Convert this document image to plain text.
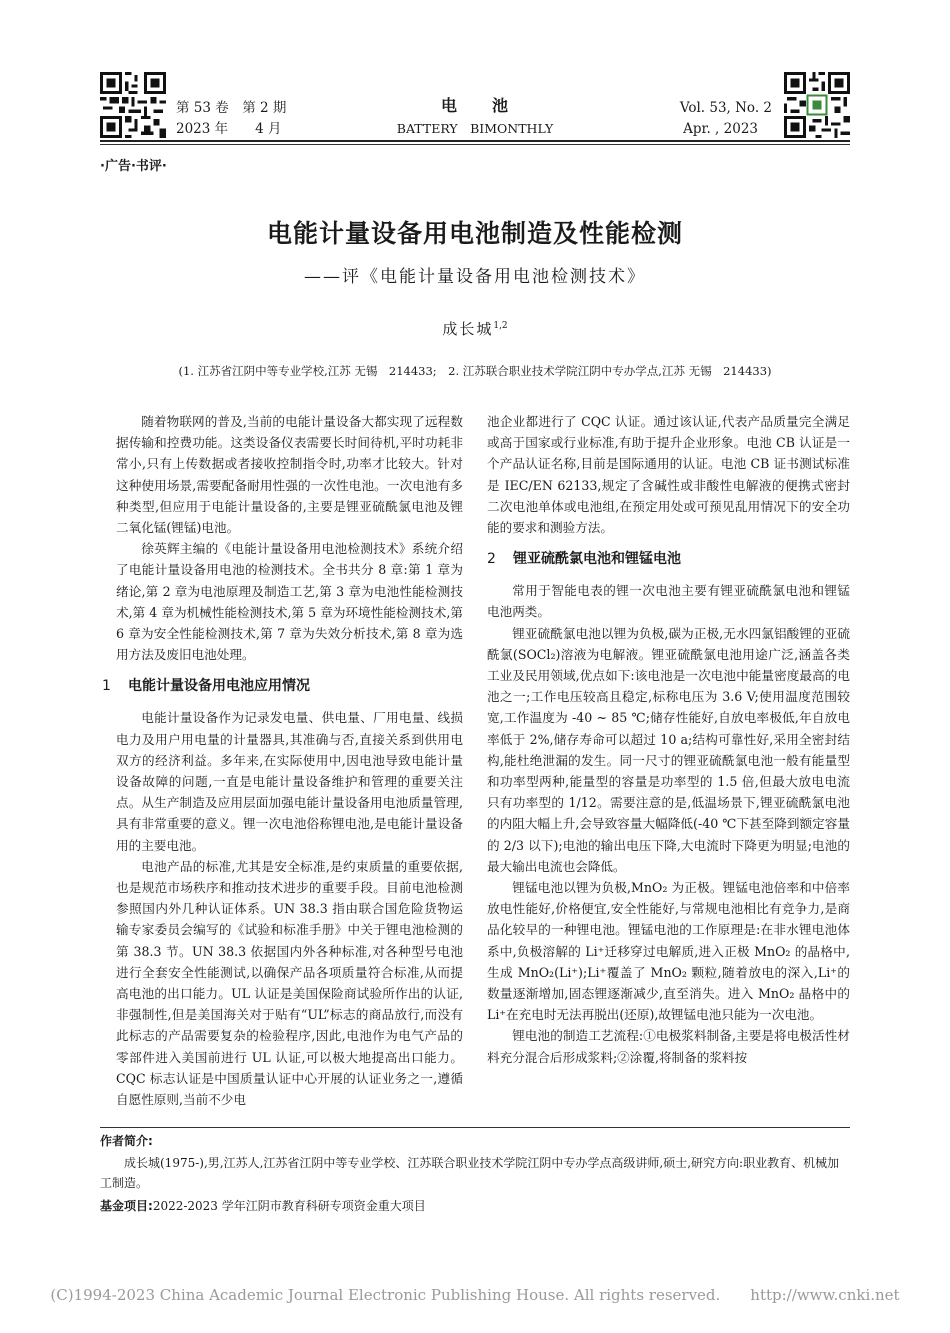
第 53 卷　第 2 期
2023 年　　4 月
电　　池
BATTERY　BIMONTHLY
Vol. 53, No. 2
Apr. , 2023
·广告·书评·
电能计量设备用电池制造及性能检测
——评《电能计量设备用电池检测技术》
成长城$^{1,2}$
(1. 江苏省江阴中等专业学校,江苏 无锡　214433;　2. 江苏联合职业技术学院江阴中专办学点,江苏 无锡　214433)

随着物联网的普及,当前的电能计量设备大都实现了远程数据传输和控费功能。这类设备仪表需要长时间待机,平时功耗非常小,只有上传数据或者接收控制指令时,功率才比较大。针对这种使用场景,需要配备耐用性强的一次性电池。一次电池有多种类型,但应用于电能计量设备的,主要是锂亚硫酰氯电池及锂二氧化锰(锂锰)电池。

徐英辉主编的《电能计量设备用电池检测技术》系统介绍了电能计量设备用电池的检测技术。全书共分 8 章:第 1 章为绪论,第 2 章为电池原理及制造工艺,第 3 章为电池性能检测技术,第 4 章为机械性能检测技术,第 5 章为环境性能检测技术,第 6 章为安全性能检测技术,第 7 章为失效分析技术,第 8 章为选用方法及废旧电池处理。

1 电能计量设备用电池应用情况

电能计量设备作为记录发电量、供电量、厂用电量、线损电力及用户用电量的计量器具,其准确与否,直接关系到供用电双方的经济利益。多年来,在实际使用中,因电池导致电能计量设备故障的问题,一直是电能计量设备维护和管理的重要关注点。从生产制造及应用层面加强电能计量设备用电池质量管理,具有非常重要的意义。锂一次电池俗称锂电池,是电能计量设备用的主要电池。

电池产品的标准,尤其是安全标准,是约束质量的重要依据,也是规范市场秩序和推动技术进步的重要手段。目前电池检测参照国内外几种认证体系。UN 38.3 指由联合国危险货物运输专家委员会编写的《试验和标准手册》中关于锂电池检测的第 38.3 节。UN 38.3 依据国内外各种标准,对各种型号电池进行全套安全性能测试,以确保产品各项质量符合标准,从而提高电池的出口能力。UL 认证是美国保险商试验所作出的认证,非强制性,但是美国海关对于贴有“UL”标志的商品放行,而没有此标志的产品需要复杂的检验程序,因此,电池作为电气产品的零部件进入美国前进行 UL 认证,可以极大地提高出口能力。CQC 标志认证是中国质量认证中心开展的认证业务之一,遵循自愿性原则,当前不少电

池企业都进行了 CQC 认证。通过该认证,代表产品质量完全满足或高于国家或行业标准,有助于提升企业形象。电池 CB 认证是一个产品认证名称,目前是国际通用的认证。电池 CB 证书测试标准是 IEC/EN 62133,规定了含碱性或非酸性电解液的便携式密封二次电池单体或电池组,在预定用处或可预见乱用情况下的安全功能的要求和测验方法。

2 锂亚硫酰氯电池和锂锰电池

常用于智能电表的锂一次电池主要有锂亚硫酰氯电池和锂锰电池两类。

锂亚硫酰氯电池以锂为负极,碳为正极,无水四氯铝酸锂的亚硫酰氯(SOCl₂)溶液为电解液。锂亚硫酰氯电池用途广泛,涵盖各类工业及民用领域,优点如下:该电池是一次电池中能量密度最高的电池之一;工作电压较高且稳定,标称电压为 3.6 V;使用温度范围较宽,工作温度为 -40 ~ 85 ℃;储存性能好,自放电率极低,年自放电率低于 2%,储存寿命可以超过 10 a;结构可靠性好,采用全密封结构,能杜绝泄漏的发生。同一尺寸的锂亚硫酰氯电池一般有能量型和功率型两种,能量型的容量是功率型的 1.5 倍,但最大放电电流只有功率型的 1/12。需要注意的是,低温场景下,锂亚硫酰氯电池的内阻大幅上升,会导致容量大幅降低(-40 ℃下甚至降到额定容量的 2/3 以下);电池的输出电压下降,大电流时下降更为明显;电池的最大输出电流也会降低。

锂锰电池以锂为负极,MnO₂ 为正极。锂锰电池倍率和中倍率放电性能好,价格便宜,安全性能好,与常规电池相比有竞争力,是商品化较早的一种锂电池。锂锰电池的工作原理是:在非水锂电池体系中,负极溶解的 Li⁺迁移穿过电解质,进入正极 MnO₂ 的晶格中,生成 MnO₂(Li⁺);Li⁺覆盖了 MnO₂ 颗粒,随着放电的深入,Li⁺的数量逐渐增加,固态锂逐渐减少,直至消失。进入 MnO₂ 晶格中的 Li⁺在充电时无法再脱出(还原),故锂锰电池只能为一次电池。

锂电池的制造工艺流程:①电极浆料制备,主要是将电极活性材料充分混合后形成浆料;②涂覆,将制备的浆料按

作者简介:
成长城(1975-),男,江苏人,江苏省江阴中等专业学校、江苏联合职业技术学院江阴中专办学点高级讲师,硕士,研究方向:职业教育、机械加工制造。
基金项目:2022-2023 学年江阴市教育科研专项资金重大项目
(C)1994-2023 China Academic Journal Electronic Publishing House. All rights reserved.　　http://www.cnki.net
